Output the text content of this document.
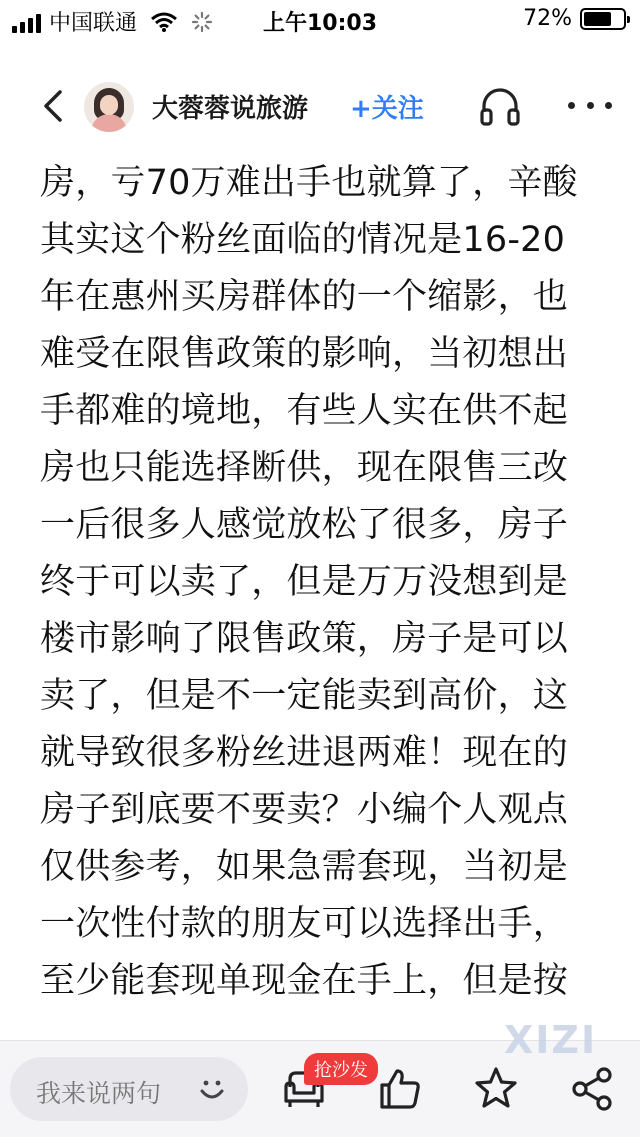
中国联通	上午10:03	72%
大蓉蓉说旅游 +关注
房，亏70万难出手也就算了，辛酸
其实这个粉丝面临的情况是16-20
年在惠州买房群体的一个缩影，也
难受在限售政策的影响，当初想出
手都难的境地，有些人实在供不起
房也只能选择断供，现在限售三改
一后很多人感觉放松了很多，房子
终于可以卖了，但是万万没想到是
楼市影响了限售政策，房子是可以
卖了，但是不一定能卖到高价，这
就导致很多粉丝进退两难！现在的
房子到底要不要卖？小编个人观点
仅供参考，如果急需套现，当初是
一次性付款的朋友可以选择出手，
至少能套现单现金在手上，但是按
我来说两句
抢沙发
XIZI
